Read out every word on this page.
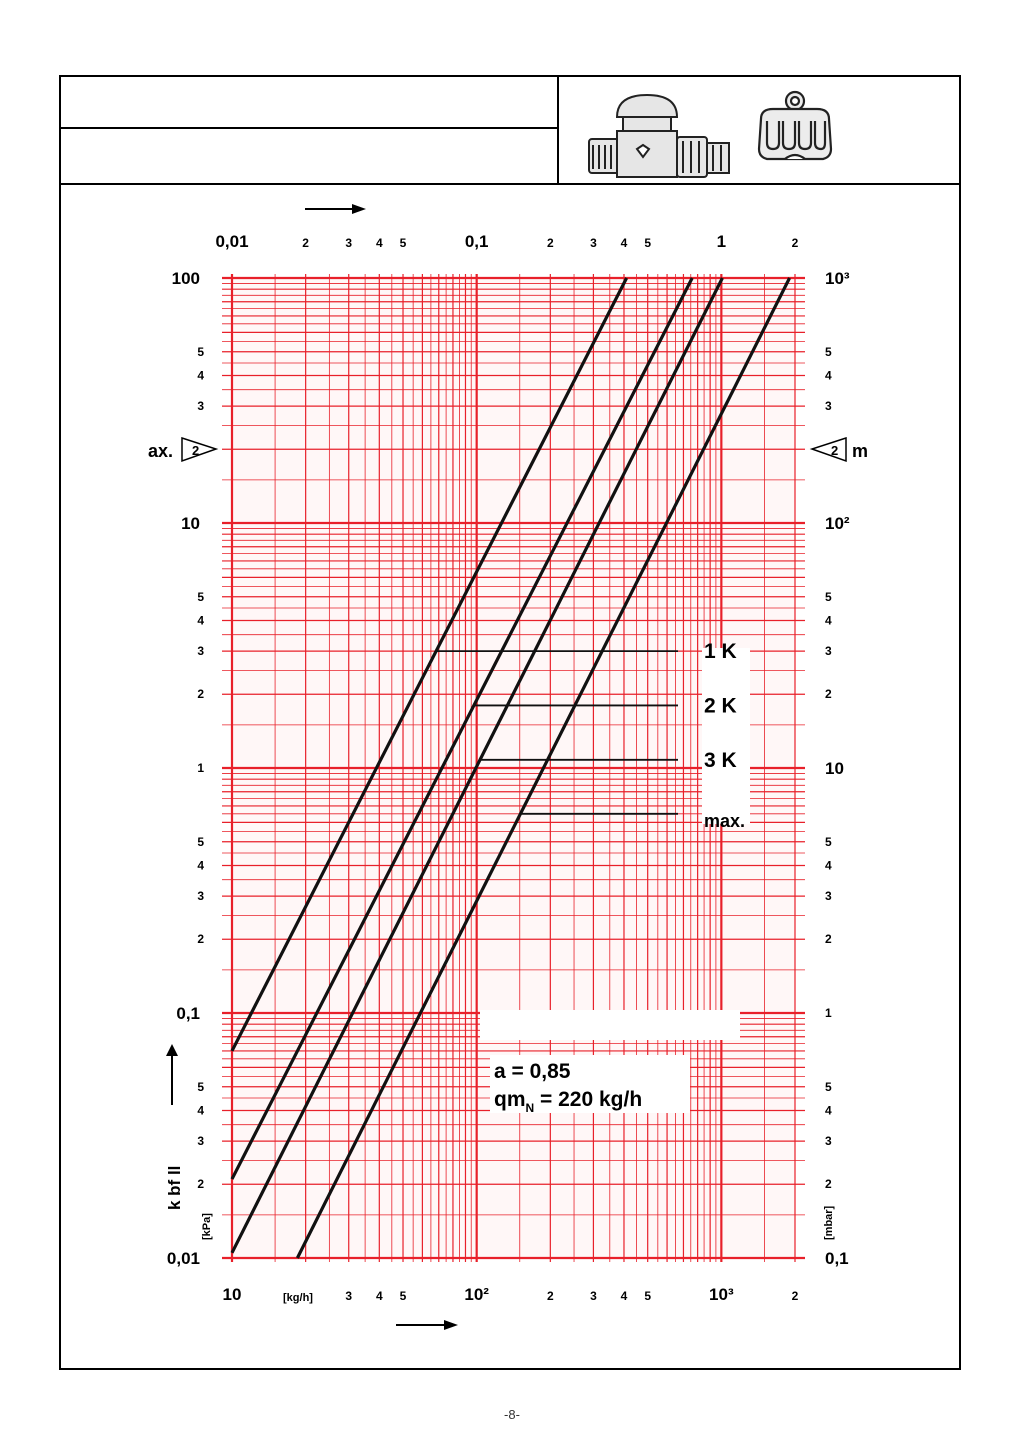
10	3 4 5	10²	2	3 4 5	10³	2
[kg/h]
0,01	2	3 4 5	0,1	2	3 4 5	1	2
100
5
4
3
10
5
4
3
2
1
5
4
3
2
0,1
5
4
3
2
0,01
10³
5
4
3
10²
5
4
3
2
10
5
4
3
2
1
5
4
3
2
0,1
[kPa]	[mbar]
k bf ll
ax. 2	2 m
1 K
2 K
3 K
max.
a = 0,85
$qm_N = 220$ kg/h
-8-
